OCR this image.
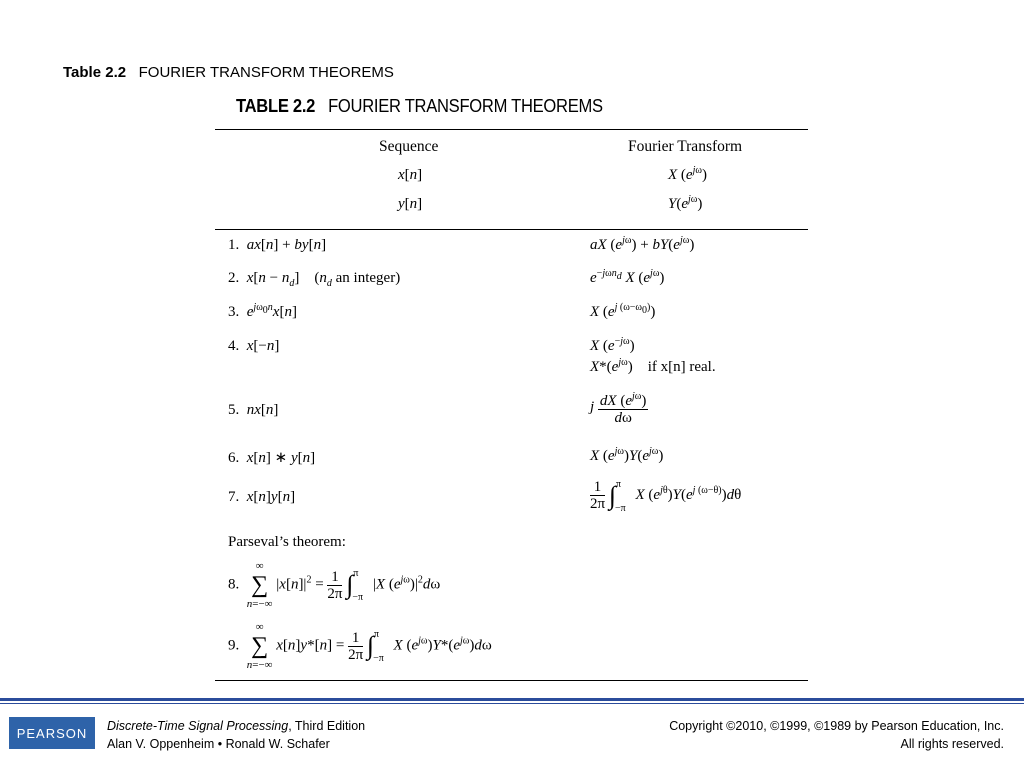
Table 2.2 FOURIER TRANSFORM THEOREMS
TABLE 2.2 FOURIER TRANSFORM THEOREMS
Sequence	Fourier Transform
x[n]	X $(e^{j\omega})$
y[n]	$Y(e^{j\omega})$
1.  ax[n] + by[n]	aX $(e^{j\omega}) + bY(e^{j\omega})$
2.  $x[n - n_d]$    ($n_d$ an integer)	$e^{-j\omega n_d}$ X $(e^{j\omega})$
3.  $e^{j\omega_0n}x[n]$	X $(e^{j (\omega-\omega_0)})$
4.  x[−n]	X $(e^{-j\omega})$
$X*(e^{j\omega})$    if x[n] real.
5.  nx[n]	j $\frac{dX (e^{j\omega})}{d\omega}$
6.  x[n] ∗ y[n]	X $(e^{j\omega})Y(e^{j\omega})$
7.  x[n]y[n]	$\frac{1}{2\pi} \int^\pi_{-\pi}$ X $(e^{j\theta})Y(e^{j (\omega-\theta)})d\theta$
Parseval’s theorem:
8.
∞
∑
n=−∞
$|x[n]|^2 = \frac{1}{2\pi} \int^\pi_{-\pi}$ |X $(e^{j\omega})|^2d\omega$
9.
∞
∑
n=−∞
$x[n]y*[n] = \frac{1}{2\pi} \int^\pi_{-\pi}$ X $(e^{j\omega})Y*(e^{j\omega})d\omega$
PEARSON	Discrete-Time Signal Processing, Third Edition
Alan V. Oppenheim • Ronald W. Schafer
Copyright ©2010, ©1999, ©1989 by Pearson Education, Inc.
All rights reserved.
